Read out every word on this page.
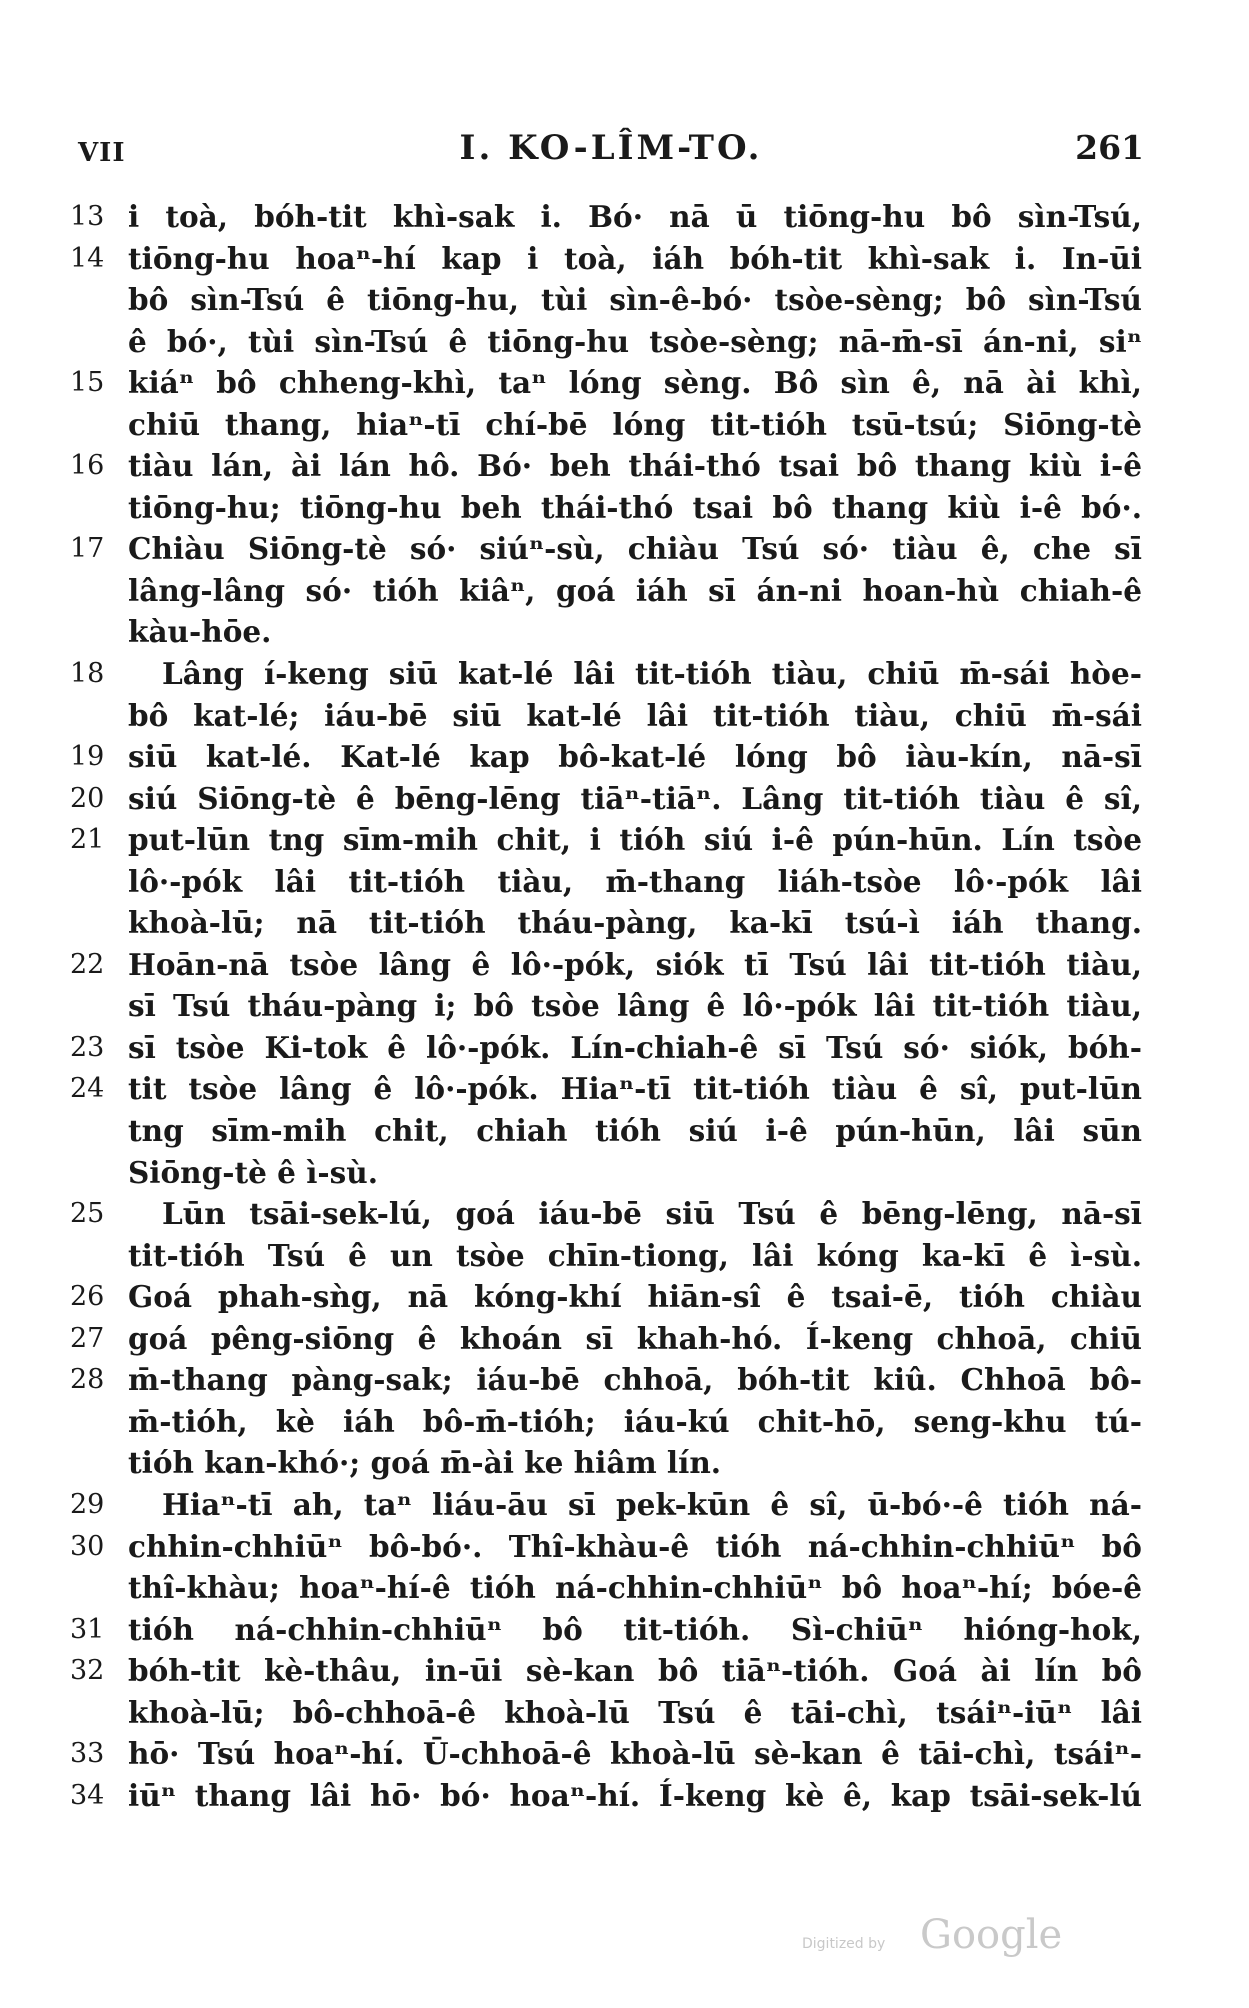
VII	I. KO-LÎM-TO.	261
13 i toà, bóh-tit khì-sak i. Bó· nā ū tiōng-hu bô sìn-Tsú,
14 tiōng-hu hoaⁿ-hí kap i toà, iáh bóh-tit khì-sak i. In-ūi
bô sìn-Tsú ê tiōng-hu, tùi sìn-ê-bó· tsòe-sèng; bô sìn-Tsú
ê bó·, tùi sìn-Tsú ê tiōng-hu tsòe-sèng; nā-m̄-sī án-ni, siⁿ
15 kiáⁿ bô chheng-khì, taⁿ lóng sèng. Bô sìn ê, nā ài khì,
chiū thang, hiaⁿ-tī chí-bē lóng tit-tióh tsū-tsú; Siōng-tè
16 tiàu lán, ài lán hô. Bó· beh thái-thó tsai bô thang kiù i-ê
tiōng-hu; tiōng-hu beh thái-thó tsai bô thang kiù i-ê bó·.
17 Chiàu Siōng-tè só· siúⁿ-sù, chiàu Tsú só· tiàu ê, che sī
lâng-lâng só· tióh kiâⁿ, goá iáh sī án-ni hoan-hù chiah-ê
kàu-hōe.
18	Lâng í-keng siū kat-lé lâi tit-tióh tiàu, chiū m̄-sái hòe-
bô kat-lé; iáu-bē siū kat-lé lâi tit-tióh tiàu, chiū m̄-sái
19 siū kat-lé. Kat-lé kap bô-kat-lé lóng bô iàu-kín, nā-sī
20 siú Siōng-tè ê bēng-lēng tiāⁿ-tiāⁿ. Lâng tit-tióh tiàu ê sî,
21 put-lūn tng sīm-mih chit, i tióh siú i-ê pún-hūn. Lín tsòe
lô·-pók lâi tit-tióh tiàu, m̄-thang liáh-tsòe lô·-pók lâi
khoà-lū; nā tit-tióh tháu-pàng, ka-kī tsú-ì iáh thang.
22 Hoān-nā tsòe lâng ê lô·-pók, siók tī Tsú lâi tit-tióh tiàu,
sī Tsú tháu-pàng i; bô tsòe lâng ê lô·-pók lâi tit-tióh tiàu,
23 sī tsòe Ki-tok ê lô·-pók. Lín-chiah-ê sī Tsú só· siók, bóh-
24 tit tsòe lâng ê lô·-pók. Hiaⁿ-tī tit-tióh tiàu ê sî, put-lūn
tng sīm-mih chit, chiah tióh siú i-ê pún-hūn, lâi sūn
Siōng-tè ê ì-sù.
25	Lūn tsāi-sek-lú, goá iáu-bē siū Tsú ê bēng-lēng, nā-sī
tit-tióh Tsú ê un tsòe chīn-tiong, lâi kóng ka-kī ê ì-sù.
26 Goá phah-sǹg, nā kóng-khí hiān-sî ê tsai-ē, tióh chiàu
27 goá pêng-siōng ê khoán sī khah-hó. Í-keng chhoā, chiū
28 m̄-thang pàng-sak; iáu-bē chhoā, bóh-tit kiû. Chhoā bô-
m̄-tióh, kè iáh bô-m̄-tióh; iáu-kú chit-hō, seng-khu tú-
tióh kan-khó·; goá m̄-ài ke hiâm lín.
29	Hiaⁿ-tī ah, taⁿ liáu-āu sī pek-kūn ê sî, ū-bó·-ê tióh ná-
30 chhin-chhiūⁿ bô-bó·. Thî-khàu-ê tióh ná-chhin-chhiūⁿ bô
thî-khàu; hoaⁿ-hí-ê tióh ná-chhin-chhiūⁿ bô hoaⁿ-hí; bóe-ê
31 tióh ná-chhin-chhiūⁿ bô tit-tióh. Sì-chiūⁿ hióng-hok,
32 bóh-tit kè-thâu, in-ūi sè-kan bô tiāⁿ-tióh. Goá ài lín bô
khoà-lū; bô-chhoā-ê khoà-lū Tsú ê tāi-chì, tsáiⁿ-iūⁿ lâi
33 hō· Tsú hoaⁿ-hí. Ū-chhoā-ê khoà-lū sè-kan ê tāi-chì, tsáiⁿ-
34 iūⁿ thang lâi hō· bó· hoaⁿ-hí. Í-keng kè ê, kap tsāi-sek-lú
Digitized by Google
